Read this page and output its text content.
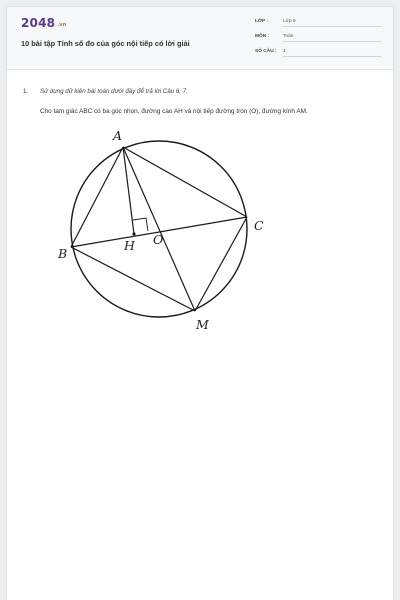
2048 .vn
10 bài tập Tính số đo của góc nội tiếp có lời giải
LỚP :	Lớp 9
MÔN :	Toán
SỐ CÂU : 1
1. Sử dụng dữ kiện bài toán dưới đây để trả lời Câu 6, 7.
Cho tam giác ABC có ba góc nhọn, đường cao AH và nội tiếp đường tròn (O), đường kính AM.
A
B
C
H O
M
